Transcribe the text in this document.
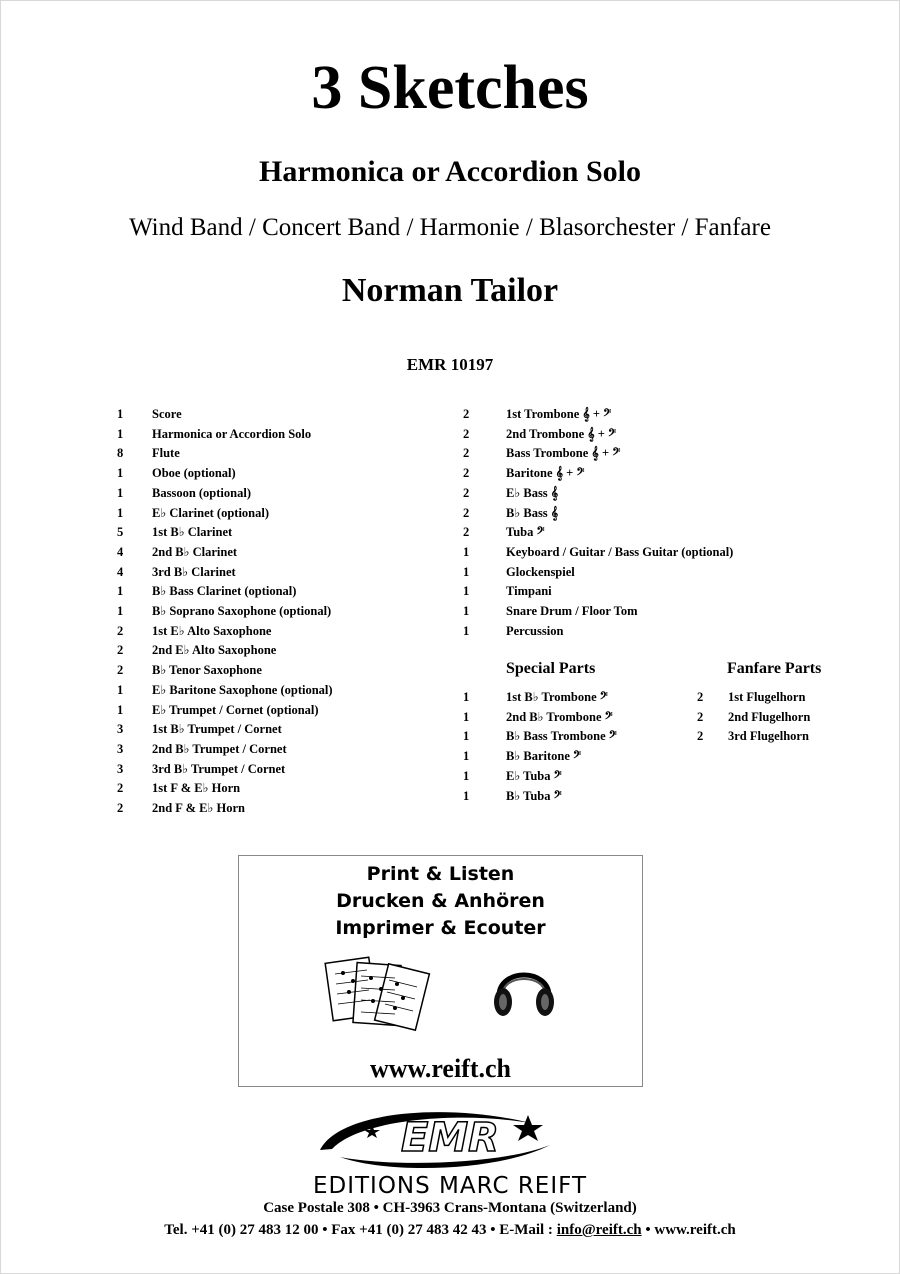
3 Sketches
Harmonica or Accordion Solo
Wind Band / Concert Band / Harmonie / Blasorchester / Fanfare
Norman Tailor
EMR 10197
1	Score
1	Harmonica or Accordion Solo
8	Flute
1	Oboe (optional)
1	Bassoon (optional)
1	E♭ Clarinet (optional)
5	1st B♭ Clarinet
4	2nd B♭ Clarinet
4	3rd B♭ Clarinet
1	B♭ Bass Clarinet (optional)
1	B♭ Soprano Saxophone (optional)
2	1st E♭ Alto Saxophone
2	2nd E♭ Alto Saxophone
2	B♭ Tenor Saxophone
1	E♭ Baritone Saxophone (optional)
1	E♭ Trumpet / Cornet (optional)
3	1st B♭ Trumpet / Cornet
3	2nd B♭ Trumpet / Cornet
3	3rd B♭ Trumpet / Cornet
2	1st F & E♭ Horn
2	2nd F & E♭ Horn
2	1st Trombone 𝄞 + 𝄢
2	2nd Trombone 𝄞 + 𝄢
2	Bass Trombone 𝄞 + 𝄢
2	Baritone 𝄞 + 𝄢
2	E♭ Bass 𝄞
2	B♭ Bass 𝄞
2	Tuba 𝄢
1	Keyboard / Guitar / Bass Guitar (optional)
1	Glockenspiel
1	Timpani
1	Snare Drum / Floor Tom
1	Percussion
Special Parts	Fanfare Parts
1	1st B♭ Trombone 𝄢
1	2nd B♭ Trombone 𝄢
1	B♭ Bass Trombone 𝄢
1	B♭ Baritone 𝄢
1	E♭ Tuba 𝄢
1	B♭ Tuba 𝄢
2	1st Flugelhorn
2	2nd Flugelhorn
2	3rd Flugelhorn
Print & Listen
Drucken & Anhören
Imprimer & Ecouter
www.reift.ch
EMR
EDITIONS MARC REIFT
Case Postale 308 • CH-3963 Crans-Montana (Switzerland)
Tel. +41 (0) 27 483 12 00 • Fax +41 (0) 27 483 42 43 • E-Mail : info@reift.ch • www.reift.ch
